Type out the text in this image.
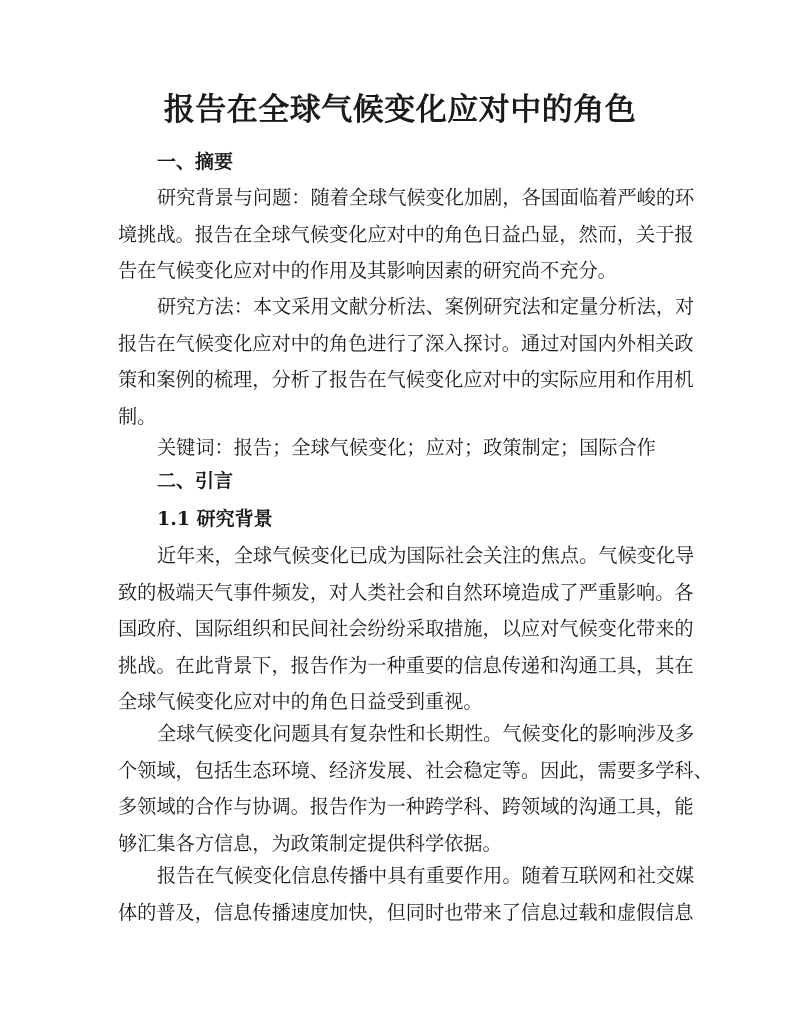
报告在全球气候变化应对中的角色
一、摘要

研究背景与问题：随着全球气候变化加剧，各国面临着严峻的环
境挑战。报告在全球气候变化应对中的角色日益凸显，然而，关于报
告在气候变化应对中的作用及其影响因素的研究尚不充分。

研究方法：本文采用文献分析法、案例研究法和定量分析法，对
报告在气候变化应对中的角色进行了深入探讨。通过对国内外相关政
策和案例的梳理，分析了报告在气候变化应对中的实际应用和作用机
制。

关键词：报告；全球气候变化；应对；政策制定；国际合作

二、引言
1.1 研究背景

近年来，全球气候变化已成为国际社会关注的焦点。气候变化导
致的极端天气事件频发，对人类社会和自然环境造成了严重影响。各
国政府、国际组织和民间社会纷纷采取措施，以应对气候变化带来的
挑战。在此背景下，报告作为一种重要的信息传递和沟通工具，其在
全球气候变化应对中的角色日益受到重视。

全球气候变化问题具有复杂性和长期性。气候变化的影响涉及多
个领域，包括生态环境、经济发展、社会稳定等。因此，需要多学科、
多领域的合作与协调。报告作为一种跨学科、跨领域的沟通工具，能
够汇集各方信息，为政策制定提供科学依据。

报告在气候变化信息传播中具有重要作用。随着互联网和社交媒
体的普及，信息传播速度加快，但同时也带来了信息过载和虚假信息
